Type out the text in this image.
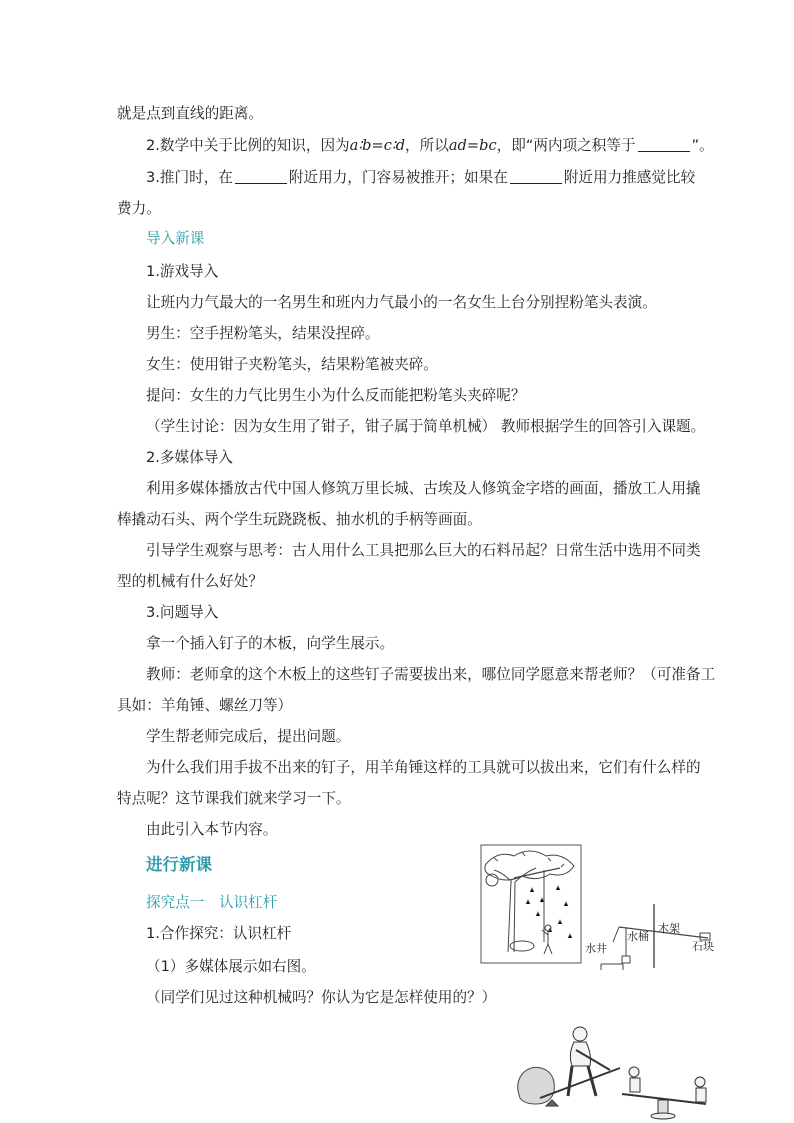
就是点到直线的距离。
2.数学中关于比例的知识，因为a∶b=c∶d，所以ad=bc，即“两内项之积等于	”。
3.推门时，在	附近用力，门容易被推开；如果在	附近用力推感觉比较
费力。
导入新课
1.游戏导入
让班内力气最大的一名男生和班内力气最小的一名女生上台分别捏粉笔头表演。
男生：空手捏粉笔头，结果没捏碎。
女生：使用钳子夹粉笔头，结果粉笔被夹碎。
提问：女生的力气比男生小为什么反而能把粉笔头夹碎呢？
（学生讨论：因为女生用了钳子，钳子属于简单机械） 教师根据学生的回答引入课题。
2.多媒体导入
利用多媒体播放古代中国人修筑万里长城、古埃及人修筑金字塔的画面，播放工人用撬
棒撬动石头、两个学生玩跷跷板、抽水机的手柄等画面。
引导学生观察与思考：古人用什么工具把那么巨大的石料吊起？日常生活中选用不同类
型的机械有什么好处？
3.问题导入
拿一个插入钉子的木板，向学生展示。
教师：老师拿的这个木板上的这些钉子需要拔出来，哪位同学愿意来帮老师？（可准备工
具如：羊角锤、螺丝刀等）
学生帮老师完成后，提出问题。
为什么我们用手拔不出来的钉子，用羊角锤这样的工具就可以拔出来，它们有什么样的
特点呢？这节课我们就来学习一下。
由此引入本节内容。
进行新课
探究点一　认识杠杆
1.合作探究：认识杠杆
（1）多媒体展示如右图。
（同学们见过这种机械吗？你认为它是怎样使用的？）
水井
水桶
木架
石块
